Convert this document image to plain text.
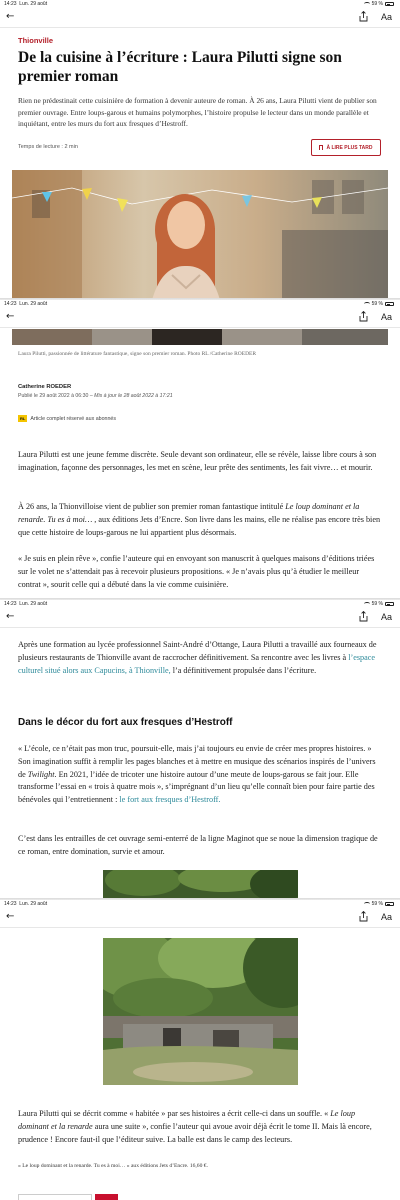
14:23 Lun. 29 août	59 %
←	Aa
Thionville
De la cuisine à l’écriture : Laura Pilutti signe son premier roman

Rien ne prédestinait cette cuisinière de formation à devenir auteure de roman. À 26 ans, Laura Pilutti vient de publier son premier ouvrage. Entre loups-garous et humains polymorphes, l’histoire propulse le lecteur dans un monde parallèle et inquiétant, entre les murs du fort aux fresques d’Hestroff.

Temps de lecture : 2 min	À LIRE PLUS TARD
14:23 Lun. 29 août	59 %
←	Aa
Laura Pilutti, passionnée de littérature fantastique, signe son premier roman. Photo RL /Catherine ROEDER
Catherine ROEDER
Publié le 29 août 2022 à 06:30 – Mis à jour le 28 août 2022 à 17:21
RL Article complet réservé aux abonnés

Laura Pilutti est une jeune femme discrète. Seule devant son ordinateur, elle se révèle, laisse libre cours à son imagination, façonne des personnages, les met en scène, leur prête des sentiments, les fait vivre… et mourir.

À 26 ans, la Thionvilloise vient de publier son premier roman fantastique intitulé Le loup dominant et la renarde. Tu es à moi… , aux éditions Jets d’Encre. Son livre dans les mains, elle ne réalise pas encore très bien que cette histoire de loups-garous ne lui appartient plus désormais.

« Je suis en plein rêve », confie l’auteure qui en envoyant son manuscrit à quelques maisons d’éditions triées sur le volet ne s’attendait pas à recevoir plusieurs propositions. « Je n’avais plus qu’à étudier le meilleur contrat », sourit celle qui a débuté dans la vie comme cuisinière.

14:23 Lun. 29 août	59 %
←	Aa

Après une formation au lycée professionnel Saint-André d’Ottange, Laura Pilutti a travaillé aux fourneaux de plusieurs restaurants de Thionville avant de raccrocher définitivement. Sa rencontre avec les livres à l’espace culturel situé alors aux Capucins, à Thionville, l’a définitivement propulsée dans l’écriture.

Dans le décor du fort aux fresques d’Hestroff

« L’école, ce n’était pas mon truc, poursuit-elle, mais j’ai toujours eu envie de créer mes propres histoires. » Son imagination suffit à remplir les pages blanches et à mettre en musique des scénarios inspirés de l’univers de Twilight. En 2021, l’idée de tricoter une histoire autour d’une meute de loups-garous se fait jour. Elle transforme l’essai en « trois à quatre mois », s’imprégnant d’un lieu qu’elle connaît bien pour faire partie des bénévoles qui l’entretiennent : le fort aux fresques d’Hestroff.

C’est dans les entrailles de cet ouvrage semi-enterré de la ligne Maginot que se noue la dimension tragique de ce roman, entre domination, survie et amour.

14:23 Lun. 29 août	59 %
←	Aa

Laura Pilutti qui se décrit comme « habitée » par ses histoires a écrit celle-ci dans un souffle. « Le loup dominant et la renarde aura une suite », confie l’auteur qui avoue avoir déjà écrit le tome II. Mais là encore, prudence ! Encore faut-il que l’éditeur suive. La balle est dans le camp des lecteurs.

« Le loup dominant et la renarde. Tu es à moi… » aux éditions Jets d’Encre. 16,60 €.
